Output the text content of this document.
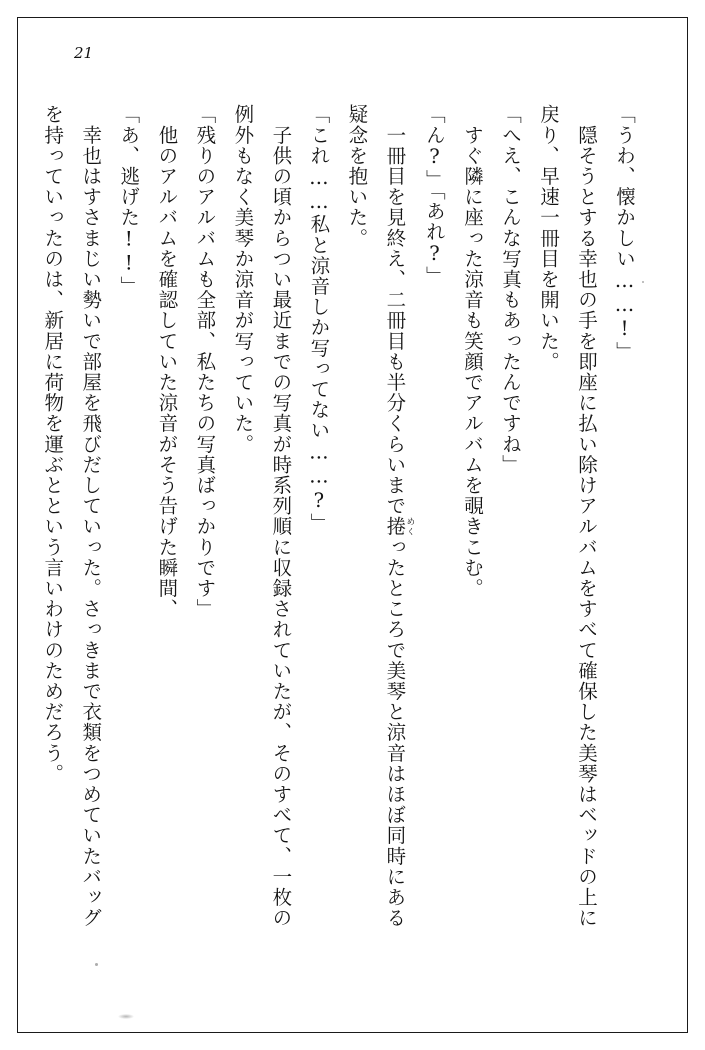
21

「うわ、懐かしい……!」

　隠そうとする幸也の手を即座に払い除けアルバムをすべて確保した美琴はベッドの上に戻り、早速一冊目を開いた。

「へえ、こんな写真もあったんですね」

　すぐ隣に座った涼音も笑顔でアルバムを覗きこむ。

「ん?」「あれ?」

　一冊目を見終え、二冊目も半分くらいまで捲めくったところで美琴と涼音はほぼ同時にある疑念を抱いた。

「これ……私と涼音しか写ってない……?」

　子供の頃からつい最近までの写真が時系列順に収録されていたが、そのすべて、一枚の例外もなく美琴か涼音が写っていた。

「残りのアルバムも全部、私たちの写真ばっかりです」

　他のアルバムを確認していた涼音がそう告げた瞬間、

「あ、逃げた!!」

　幸也はすさまじい勢いで部屋を飛びだしていった。さっきまで衣類をつめていたバッグを持っていったのは、新居に荷物を運ぶとという言いわけのためだろう。
